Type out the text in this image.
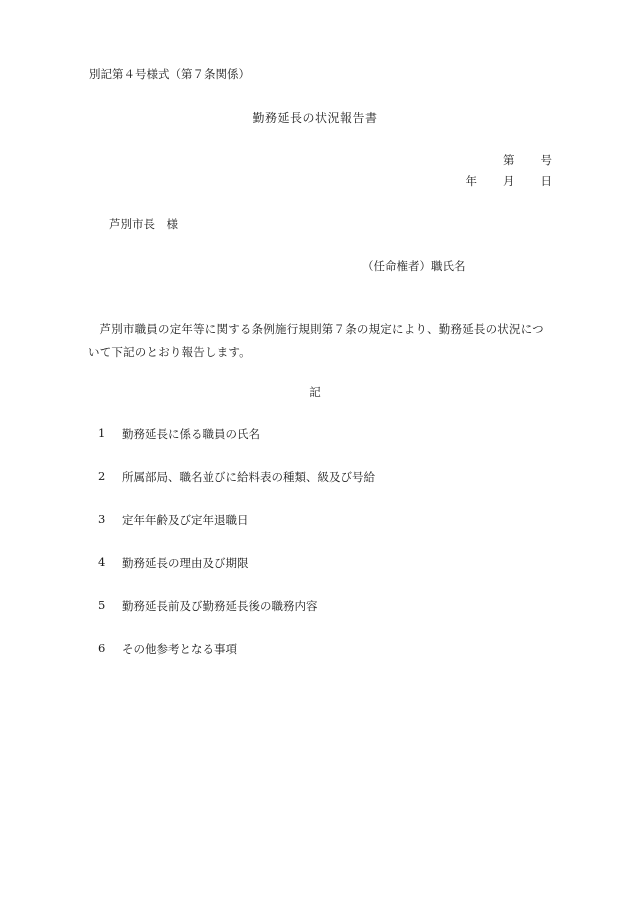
別記第４号様式（第７条関係）
勤務延長の状況報告書
第 号
年 月 日
芦別市長　様
（任命権者）職氏名
芦別市職員の定年等に関する条例施行規則第７条の規定により、勤務延長の状況について下記のとおり報告します。
記
1	勤務延長に係る職員の氏名
2	所属部局、職名並びに給料表の種類、級及び号給
3	定年年齢及び定年退職日
4	勤務延長の理由及び期限
5	勤務延長前及び勤務延長後の職務内容
6	その他参考となる事項
